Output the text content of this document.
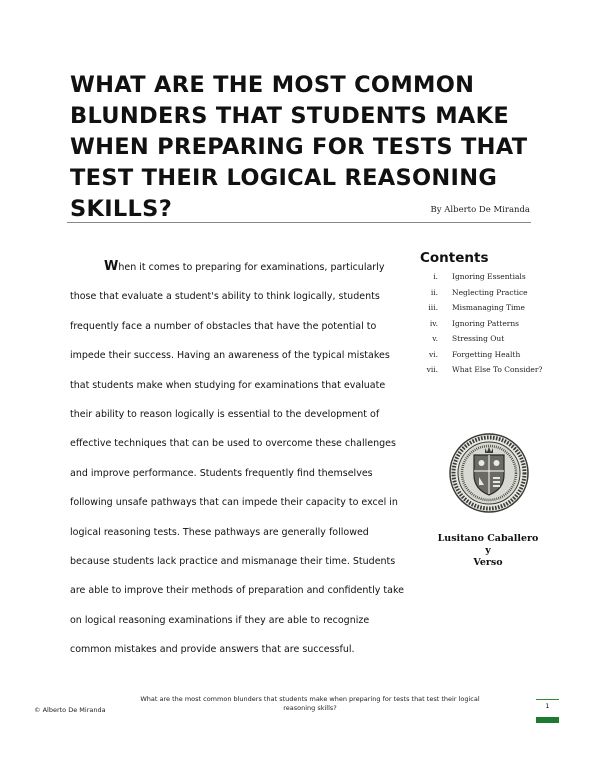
WHAT ARE THE MOST COMMON BLUNDERS THAT STUDENTS MAKE WHEN PREPARING FOR TESTS THAT TEST THEIR LOGICAL REASONING SKILLS?	By Alberto De Miranda

When it comes to preparing for examinations, particularly those that evaluate a student's ability to think logically, students frequently face a number of obstacles that have the potential to impede their success. Having an awareness of the typical mistakes that students make when studying for examinations that evaluate their ability to reason logically is essential to the development of effective techniques that can be used to overcome these challenges and improve performance. Students frequently find themselves following unsafe pathways that can impede their capacity to excel in logical reasoning tests. These pathways are generally followed because students lack practice and mismanage their time. Students are able to improve their methods of preparation and confidently take on logical reasoning examinations if they are able to recognize common mistakes and provide answers that are successful.

Contents
i. Ignoring Essentials
ii. Neglecting Practice
iii. Mismanaging Time
iv. Ignoring Patterns
v. Stressing Out
vi. Forgetting Health
vii. What Else To Consider?
Lusitano Caballero
y
Verso
© Alberto De Miranda
What are the most common blunders that students make when preparing for tests that test their logical reasoning skills?	1
